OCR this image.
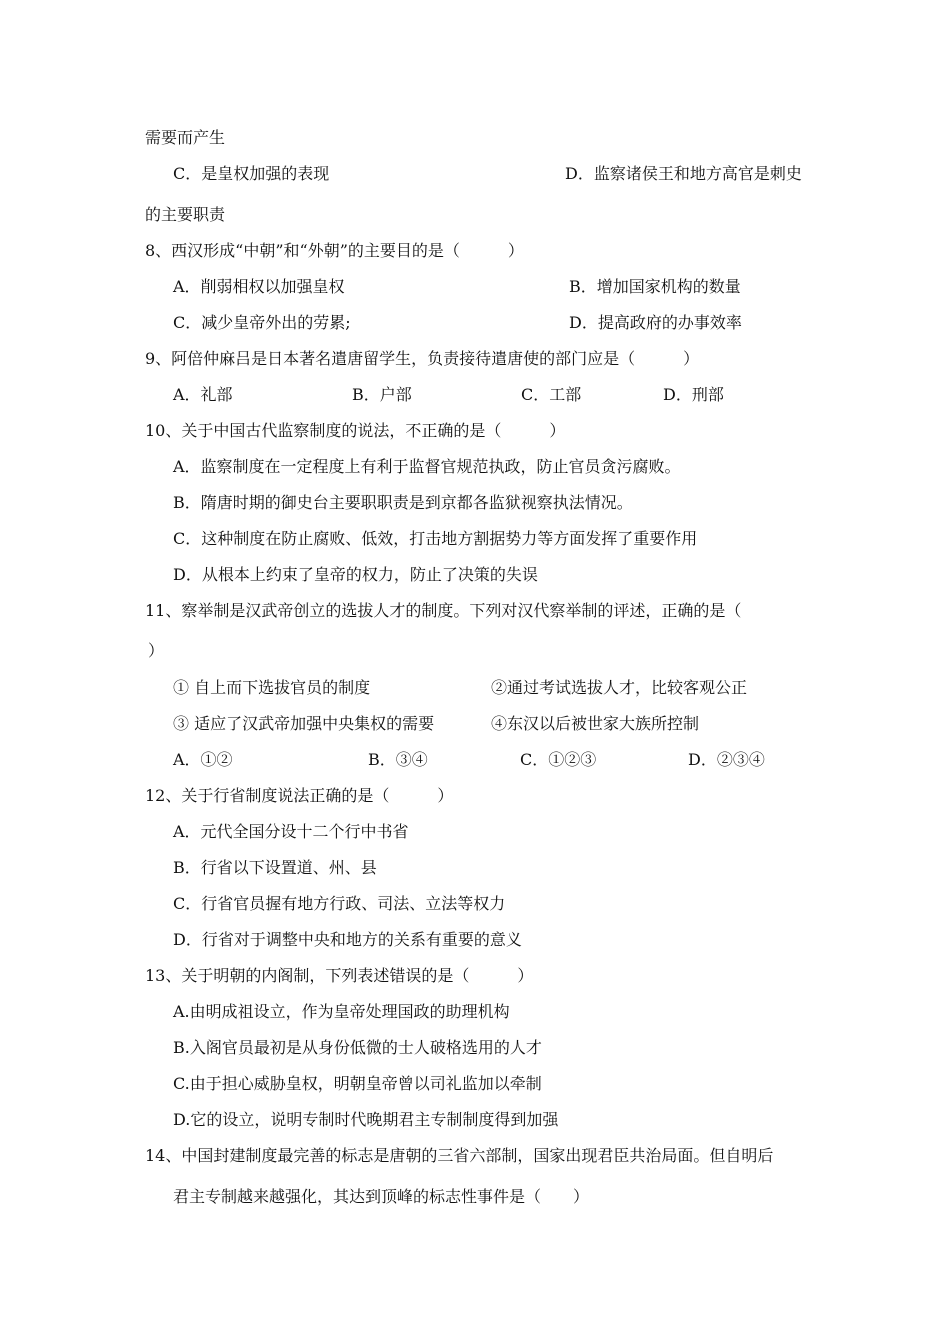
需要而产生
C．是皇权加强的表现	D．监察诸侯王和地方高官是刺史
的主要职责
8、西汉形成“中朝”和“外朝”的主要目的是（　　　）
A．削弱相权以加强皇权	B．增加国家机构的数量
C．减少皇帝外出的劳累;	D．提高政府的办事效率
9、阿倍仲麻吕是日本著名遣唐留学生，负责接待遣唐使的部门应是（　　　）
A．礼部	B．户部	C．工部	D．刑部
10、关于中国古代监察制度的说法，不正确的是（　　　）
A．监察制度在一定程度上有利于监督官规范执政，防止官员贪污腐败。
B．隋唐时期的御史台主要职职责是到京都各监狱视察执法情况。
C．这种制度在防止腐败、低效，打击地方割据势力等方面发挥了重要作用
D．从根本上约束了皇帝的权力，防止了决策的失误
11、察举制是汉武帝创立的选拔人才的制度。下列对汉代察举制的评述，正确的是（
）
① 自上而下选拔官员的制度	②通过考试选拔人才，比较客观公正
③ 适应了汉武帝加强中央集权的需要	④东汉以后被世家大族所控制
A．①②	B．③④	C．①②③	D．②③④
12、关于行省制度说法正确的是（　　　）
A．元代全国分设十二个行中书省
B．行省以下设置道、州、县
C．行省官员握有地方行政、司法、立法等权力
D．行省对于调整中央和地方的关系有重要的意义
13、关于明朝的内阁制，下列表述错误的是（　　　）
A.由明成祖设立，作为皇帝处理国政的助理机构
B.入阁官员最初是从身份低微的士人破格选用的人才
C.由于担心威胁皇权，明朝皇帝曾以司礼监加以牵制
D.它的设立，说明专制时代晚期君主专制制度得到加强
14、中国封建制度最完善的标志是唐朝的三省六部制，国家出现君臣共治局面。但自明后
君主专制越来越强化，其达到顶峰的标志性事件是（　　）
